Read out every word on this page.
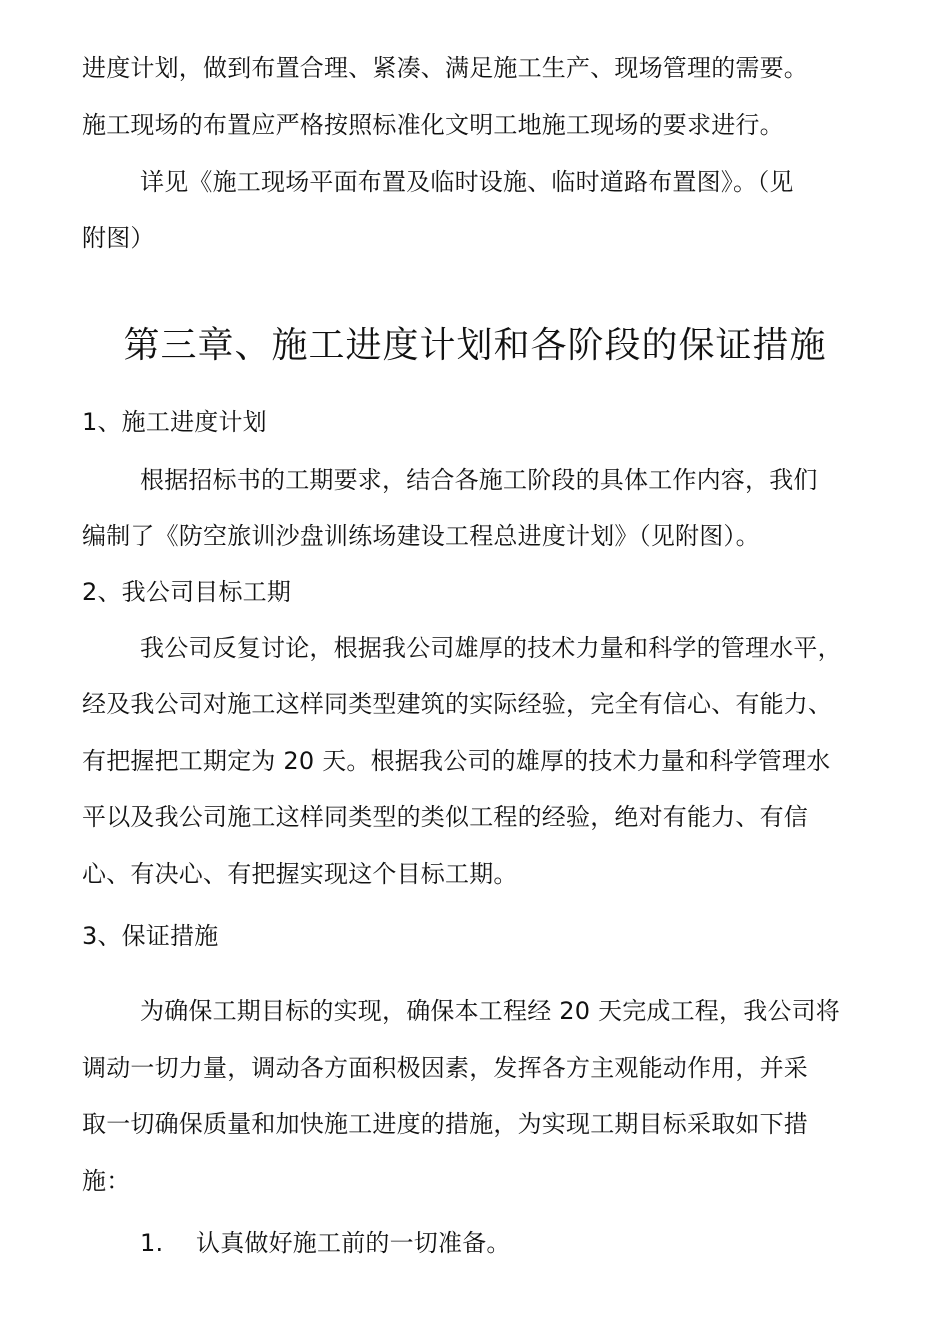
进度计划，做到布置合理、紧凑、满足施工生产、现场管理的需要。
施工现场的布置应严格按照标准化文明工地施工现场的要求进行。
详见《施工现场平面布置及临时设施、临时道路布置图》。（见
附图）
第三章、施工进度计划和各阶段的保证措施
1、施工进度计划
根据招标书的工期要求，结合各施工阶段的具体工作内容，我们
编制了《防空旅训沙盘训练场建设工程总进度计划》（见附图）。
2、我公司目标工期
我公司反复讨论，根据我公司雄厚的技术力量和科学的管理水平，
经及我公司对施工这样同类型建筑的实际经验，完全有信心、有能力、
有把握把工期定为 20 天。根据我公司的雄厚的技术力量和科学管理水
平以及我公司施工这样同类型的类似工程的经验，绝对有能力、有信
心、有决心、有把握实现这个目标工期。
3、保证措施
为确保工期目标的实现，确保本工程经 20 天完成工程，我公司将
调动一切力量，调动各方面积极因素，发挥各方主观能动作用，并采
取一切确保质量和加快施工进度的措施，为实现工期目标采取如下措
施：
1. 认真做好施工前的一切准备。
